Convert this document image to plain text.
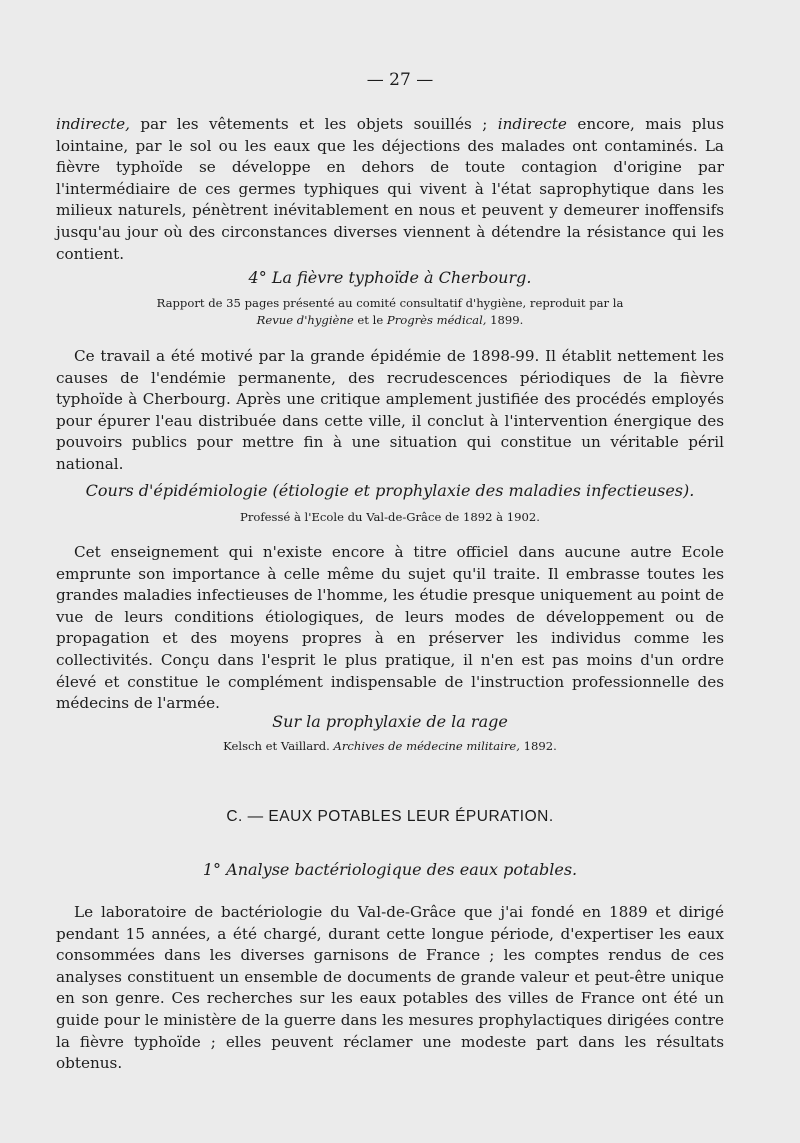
— 27 —

indirecte, par les vêtements et les objets souillés ; indirecte encore, mais plus lointaine, par le sol ou les eaux que les déjections des malades ont contaminés. La fièvre typhoïde se développe en dehors de toute contagion d'origine par l'intermédiaire de ces germes typhiques qui vivent à l'état saprophytique dans les milieux naturels, pénètrent inévitablement en nous et peuvent y demeurer inoffensifs jusqu'au jour où des circonstances diverses viennent à détendre la résistance qui les contient.

4° La fièvre typhoïde à Cherbourg.

Rapport de 35 pages présenté au comité consultatif d'hygiène, reproduit par la
Revue d'hygiène et le Progrès médical, 1899.

Ce travail a été motivé par la grande épidémie de 1898-99. Il établit nettement les causes de l'endémie permanente, des recrudescences périodiques de la fièvre typhoïde à Cherbourg. Après une critique amplement justifiée des procédés employés pour épurer l'eau distribuée dans cette ville, il conclut à l'intervention énergique des pouvoirs publics pour mettre fin à une situation qui constitue un véritable péril national.

Cours d'épidémiologie (étiologie et prophylaxie des maladies infectieuses).

Professé à l'Ecole du Val-de-Grâce de 1892 à 1902.

Cet enseignement qui n'existe encore à titre officiel dans aucune autre Ecole emprunte son importance à celle même du sujet qu'il traite. Il embrasse toutes les grandes maladies infectieuses de l'homme, les étudie presque uniquement au point de vue de leurs conditions étiologiques, de leurs modes de développement ou de propagation et des moyens propres à en préserver les individus comme les collectivités. Conçu dans l'esprit le plus pratique, il n'en est pas moins d'un ordre élevé et constitue le complément indispensable de l'instruction professionnelle des médecins de l'armée.

Sur la prophylaxie de la rage

Kelsch et Vaillard. Archives de médecine militaire, 1892.

C. — EAUX POTABLES LEUR ÉPURATION.

1° Analyse bactériologique des eaux potables.

Le laboratoire de bactériologie du Val-de-Grâce que j'ai fondé en 1889 et dirigé pendant 15 années, a été chargé, durant cette longue période, d'expertiser les eaux consommées dans les diverses garnisons de France ; les comptes rendus de ces analyses constituent un ensemble de documents de grande valeur et peut-être unique en son genre. Ces recherches sur les eaux potables des villes de France ont été un guide pour le ministère de la guerre dans les mesures prophylactiques dirigées contre la fièvre typhoïde ; elles peuvent réclamer une modeste part dans les résultats obtenus.
